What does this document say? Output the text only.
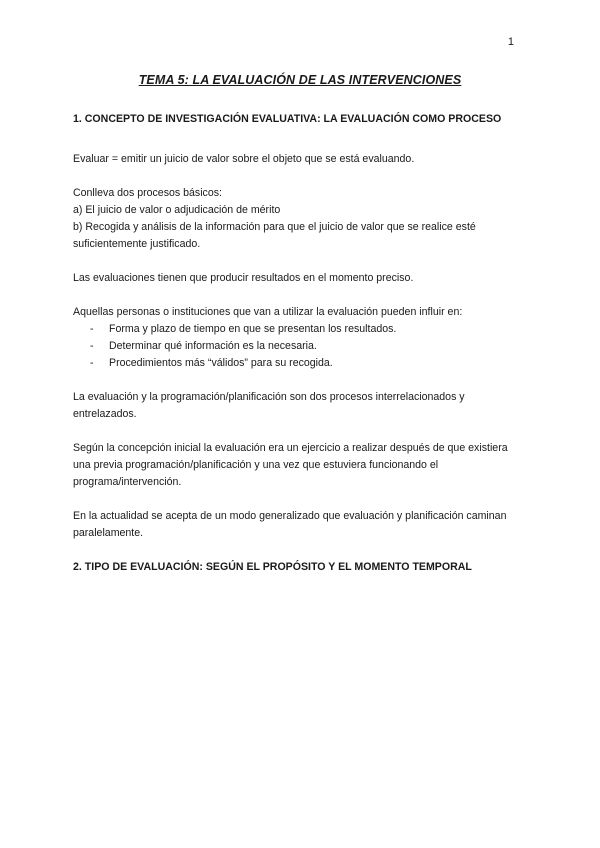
1
TEMA 5: LA EVALUACIÓN DE LAS INTERVENCIONES

1. CONCEPTO DE INVESTIGACIÓN EVALUATIVA: LA EVALUACIÓN COMO PROCESO

Evaluar = emitir un juicio de valor sobre el objeto que se está evaluando.

Conlleva dos procesos básicos:

a) El juicio de valor o adjudicación de mérito

b) Recogida y análisis de la información para que el juicio de valor que se realice esté

suficientemente justificado.

Las evaluaciones tienen que producir resultados en el momento preciso.

Aquellas personas o instituciones que van a utilizar la evaluación pueden influir en:

- Forma y plazo de tiempo en que se presentan los resultados.
- Determinar qué información es la necesaria.
- Procedimientos más “válidos” para su recogida.

La evaluación y la programación/planificación son dos procesos interrelacionados y

entrelazados.

Según la concepción inicial la evaluación era un ejercicio a realizar después de que existiera

una previa programación/planificación y una vez que estuviera funcionando el

programa/intervención.

En la actualidad se acepta de un modo generalizado que evaluación y planificación caminan

paralelamente.

2. TIPO DE EVALUACIÓN: SEGÚN EL PROPÓSITO Y EL MOMENTO TEMPORAL
